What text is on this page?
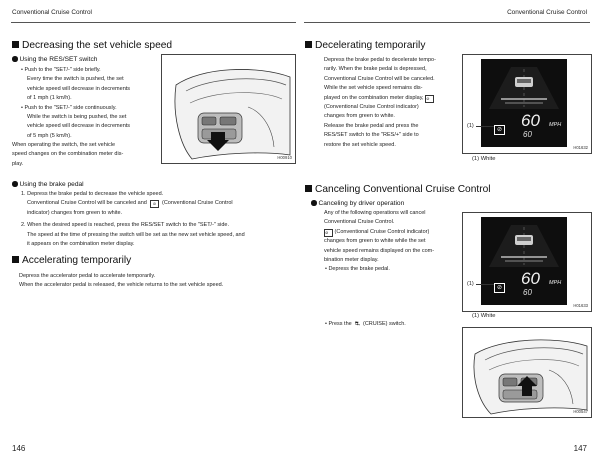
Conventional Cruise Control	Conventional Cruise Control
Decreasing the set vehicle speed
Using the RES/SET switch

• Push to the "SET/-" side briefly.

Every time the switch is pushed, the set

vehicle speed will decrease in decrements

of 1 mph (1 km/h).

• Push to the "SET/-" side continuously.

While the switch is being pushed, the set

vehicle speed will decrease in decrements

of 5 mph (5 km/h).

When operating the switch, the set vehicle

speed changes on the combination meter dis-

play.

H00910
Using the brake pedal

1. Depress the brake pedal to decrease the vehicle speed.

Conventional Cruise Control will be canceled and ⊘ (Conventional Cruise Control

indicator) changes from green to white.

2. When the desired speed is reached, press the RES/SET switch to the "SET/-" side.

The speed at the time of pressing the switch will be set as the new set vehicle speed, and

it appears on the combination meter display.

Accelerating temporarily

Depress the accelerator pedal to accelerate temporarily.

When the accelerator pedal is released, the vehicle returns to the set vehicle speed.

146
Decelerating temporarily

Depress the brake pedal to decelerate tempo-

rarily. When the brake pedal is depressed,

Conventional Cruise Control will be canceled.

While the set vehicle speed remains dis-

played on the combination meter display, ⊘

(Conventional Cruise Control indicator)

changes from green to white.

Release the brake pedal and press the

RES/SET switch to the "RES/+" side to

restore the set vehicle speed.

60
60
MPH
⊘
(1)
H01632
(1) White
Canceling Conventional Cruise Control
Canceling by driver operation

Any of the following operations will cancel

Conventional Cruise Control.

⊘ (Conventional Cruise Control indicator)

changes from green to white while the set

vehicle speed remains displayed on the com-

bination meter display.

• Depress the brake pedal.	60
60
MPH
⊘
(1)
H01633
(1) White
• Press the ⛐ (CRUISE) switch.
H00547
147
